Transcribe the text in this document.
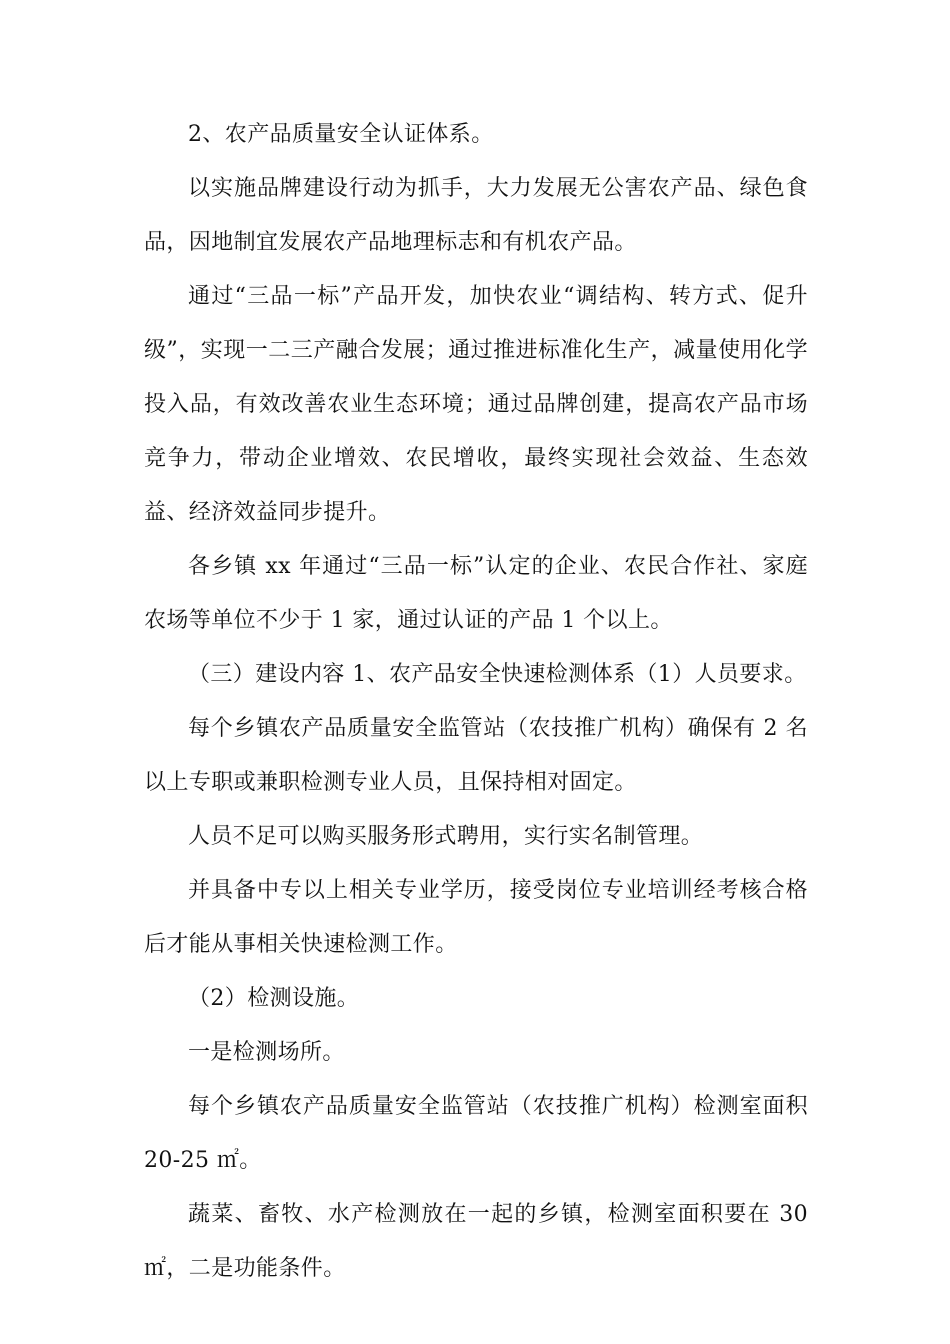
2、农产品质量安全认证体系。

以实施品牌建设行动为抓手，大力发展无公害农产品、绿色食品，因地制宜发展农产品地理标志和有机农产品。

通过“三品一标”产品开发，加快农业“调结构、转方式、促升级”，实现一二三产融合发展；通过推进标准化生产，减量使用化学投入品，有效改善农业生态环境；通过品牌创建，提高农产品市场竞争力，带动企业增效、农民增收，最终实现社会效益、生态效益、经济效益同步提升。

各乡镇 xx 年通过“三品一标”认定的企业、农民合作社、家庭农场等单位不少于 1 家，通过认证的产品 1 个以上。

（三）建设内容 1、农产品安全快速检测体系（1）人员要求。

每个乡镇农产品质量安全监管站（农技推广机构）确保有 2 名以上专职或兼职检测专业人员，且保持相对固定。

人员不足可以购买服务形式聘用，实行实名制管理。

并具备中专以上相关专业学历，接受岗位专业培训经考核合格后才能从事相关快速检测工作。

（2）检测设施。

一是检测场所。

每个乡镇农产品质量安全监管站（农技推广机构）检测室面积 20-25 ㎡。

蔬菜、畜牧、水产检测放在一起的乡镇，检测室面积要在 30 ㎡，二是功能条件。
